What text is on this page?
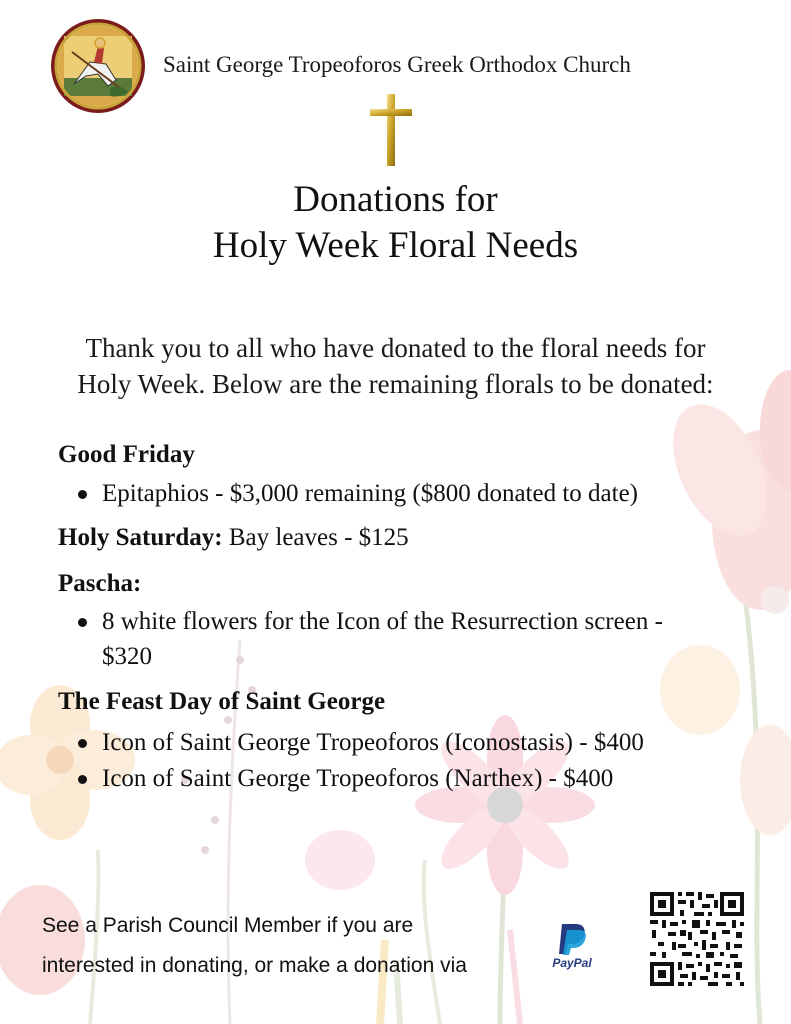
Saint George Tropeoforos Greek Orthodox Church
Donations for
Holy Week Floral Needs
Thank you to all who have donated to the floral needs for
Holy Week. Below are the remaining florals to be donated:
Good Friday
Epitaphios - $3,000 remaining ($800 donated to date)
Holy Saturday: Bay leaves - $125
Pascha:
8 white flowers for the Icon of the Resurrection screen -
$320
The Feast Day of Saint George
Icon of Saint George Tropeoforos (Iconostasis) - $400
Icon of Saint George Tropeoforos (Narthex) - $400
See a Parish Council Member if you are
interested in donating, or make a donation via	PayPal
